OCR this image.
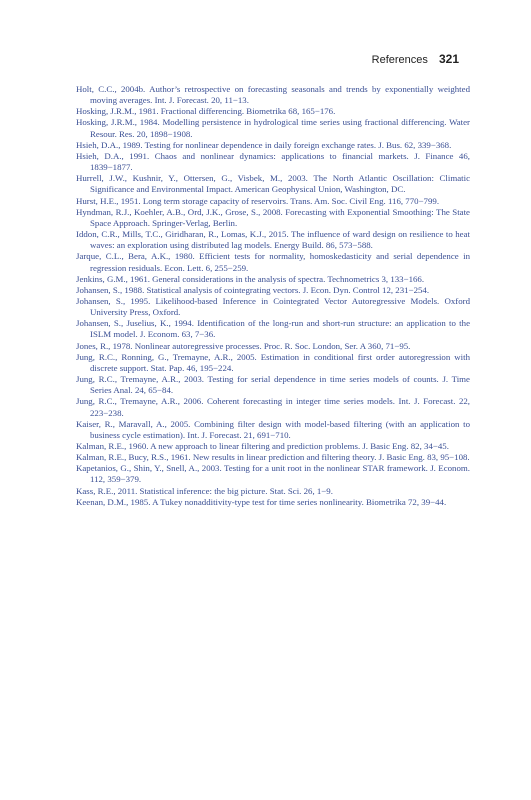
References 321

Holt, C.C., 2004b. Author’s retrospective on forecasting seasonals and trends by exponentially weighted moving averages. Int. J. Forecast. 20, 11−13.

Hosking, J.R.M., 1981. Fractional differencing. Biometrika 68, 165−176.

Hosking, J.R.M., 1984. Modelling persistence in hydrological time series using fractional differencing. Water Resour. Res. 20, 1898−1908.

Hsieh, D.A., 1989. Testing for nonlinear dependence in daily foreign exchange rates. J. Bus. 62, 339−368.

Hsieh, D.A., 1991. Chaos and nonlinear dynamics: applications to financial markets. J. Finance 46, 1839−1877.

Hurrell, J.W., Kushnir, Y., Ottersen, G., Visbek, M., 2003. The North Atlantic Oscillation: Climatic Significance and Environmental Impact. American Geophysical Union, Washington, DC.

Hurst, H.E., 1951. Long term storage capacity of reservoirs. Trans. Am. Soc. Civil Eng. 116, 770−799.

Hyndman, R.J., Koehler, A.B., Ord, J.K., Grose, S., 2008. Forecasting with Exponential Smoothing: The State Space Approach. Springer-Verlag, Berlin.

Iddon, C.R., Mills, T.C., Giridharan, R., Lomas, K.J., 2015. The influence of ward design on resilience to heat waves: an exploration using distributed lag models. Energy Build. 86, 573−588.

Jarque, C.L., Bera, A.K., 1980. Efficient tests for normality, homoskedasticity and serial dependence in regression residuals. Econ. Lett. 6, 255−259.

Jenkins, G.M., 1961. General considerations in the analysis of spectra. Technometrics 3, 133−166.

Johansen, S., 1988. Statistical analysis of cointegrating vectors. J. Econ. Dyn. Control 12, 231−254.

Johansen, S., 1995. Likelihood-based Inference in Cointegrated Vector Autoregressive Models. Oxford University Press, Oxford.

Johansen, S., Juselius, K., 1994. Identification of the long-run and short-run structure: an application to the ISLM model. J. Econom. 63, 7−36.

Jones, R., 1978. Nonlinear autoregressive processes. Proc. R. Soc. London, Ser. A 360, 71−95.

Jung, R.C., Ronning, G., Tremayne, A.R., 2005. Estimation in conditional first order autoregression with discrete support. Stat. Pap. 46, 195−224.

Jung, R.C., Tremayne, A.R., 2003. Testing for serial dependence in time series models of counts. J. Time Series Anal. 24, 65−84.

Jung, R.C., Tremayne, A.R., 2006. Coherent forecasting in integer time series models. Int. J. Forecast. 22, 223−238.

Kaiser, R., Maravall, A., 2005. Combining filter design with model-based filtering (with an application to business cycle estimation). Int. J. Forecast. 21, 691−710.

Kalman, R.E., 1960. A new approach to linear filtering and prediction problems. J. Basic Eng. 82, 34−45.

Kalman, R.E., Bucy, R.S., 1961. New results in linear prediction and filtering theory. J. Basic Eng. 83, 95−108.

Kapetanios, G., Shin, Y., Snell, A., 2003. Testing for a unit root in the nonlinear STAR framework. J. Econom. 112, 359−379.

Kass, R.E., 2011. Statistical inference: the big picture. Stat. Sci. 26, 1−9.

Keenan, D.M., 1985. A Tukey nonadditivity-type test for time series nonlinearity. Biometrika 72, 39−44.
